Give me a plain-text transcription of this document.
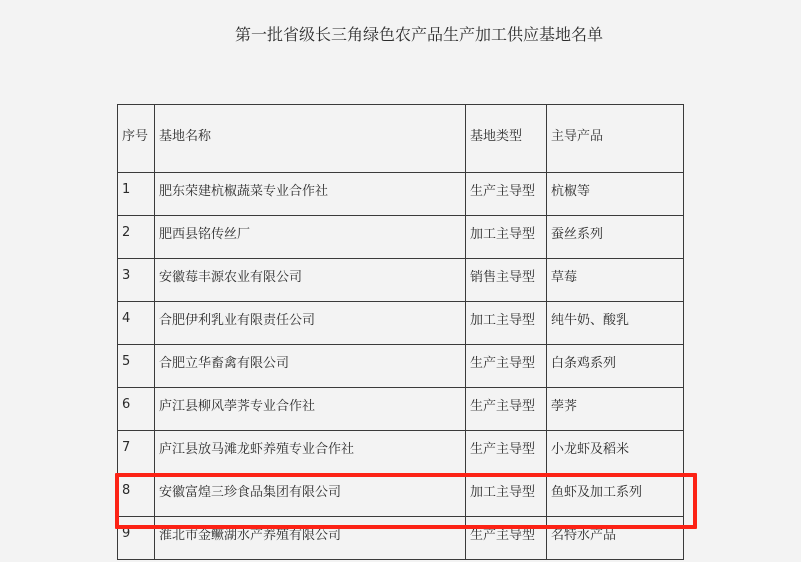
第一批省级长三角绿色农产品生产加工供应基地名单
序号	基地名称	基地类型	主导产品
1	肥东荣建杭椒蔬菜专业合作社	生产主导型	杭椒等
2	肥西县铭传丝厂	加工主导型	蚕丝系列
3	安徽莓丰源农业有限公司	销售主导型	草莓
4	合肥伊利乳业有限责任公司	加工主导型	纯牛奶、酸乳
5	合肥立华畜禽有限公司	生产主导型	白条鸡系列
6	庐江县柳风荸荠专业合作社	生产主导型	荸荠
7	庐江县放马滩龙虾养殖专业合作社	生产主导型	小龙虾及稻米
8	安徽富煌三珍食品集团有限公司	加工主导型	鱼虾及加工系列
9	淮北市金鳜湖水产养殖有限公司	生产主导型	名特水产品
